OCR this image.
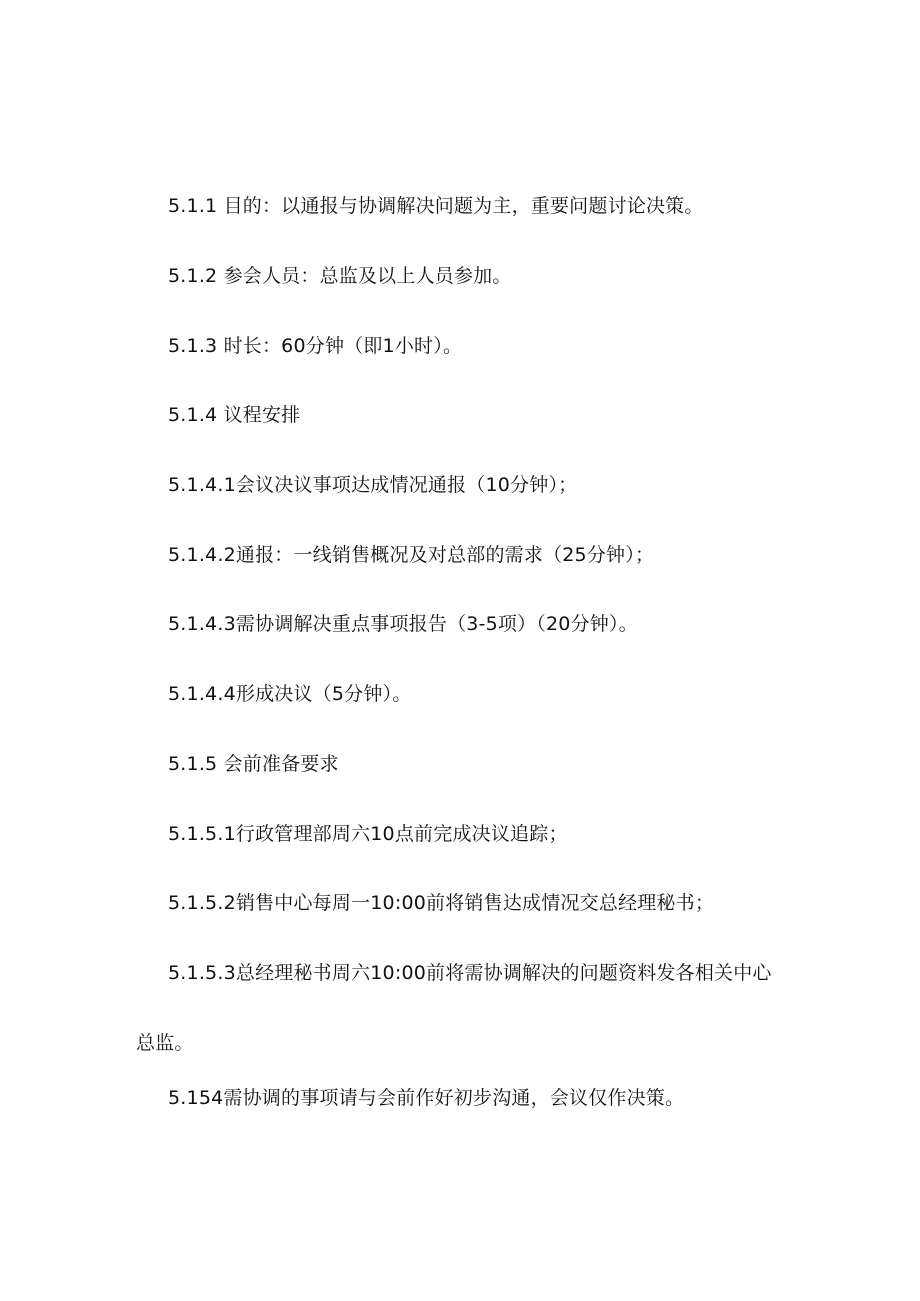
5.1.1 目的：以通报与协调解决问题为主，重要问题讨论决策。

5.1.2 参会人员：总监及以上人员参加。

5.1.3 时长：60分钟（即1小时）。

5.1.4 议程安排

5.1.4.1会议决议事项达成情况通报（10分钟）；

5.1.4.2通报：一线销售概况及对总部的需求（25分钟）；

5.1.4.3需协调解决重点事项报告（3-5项）（20分钟）。

5.1.4.4形成决议（5分钟）。

5.1.5 会前准备要求

5.1.5.1行政管理部周六10点前完成决议追踪；

5.1.5.2销售中心每周一10:00前将销售达成情况交总经理秘书；

5.1.5.3总经理秘书周六10:00前将需协调解决的问题资料发各相关中心总监。

5.154需协调的事项请与会前作好初步沟通，会议仅作决策。
